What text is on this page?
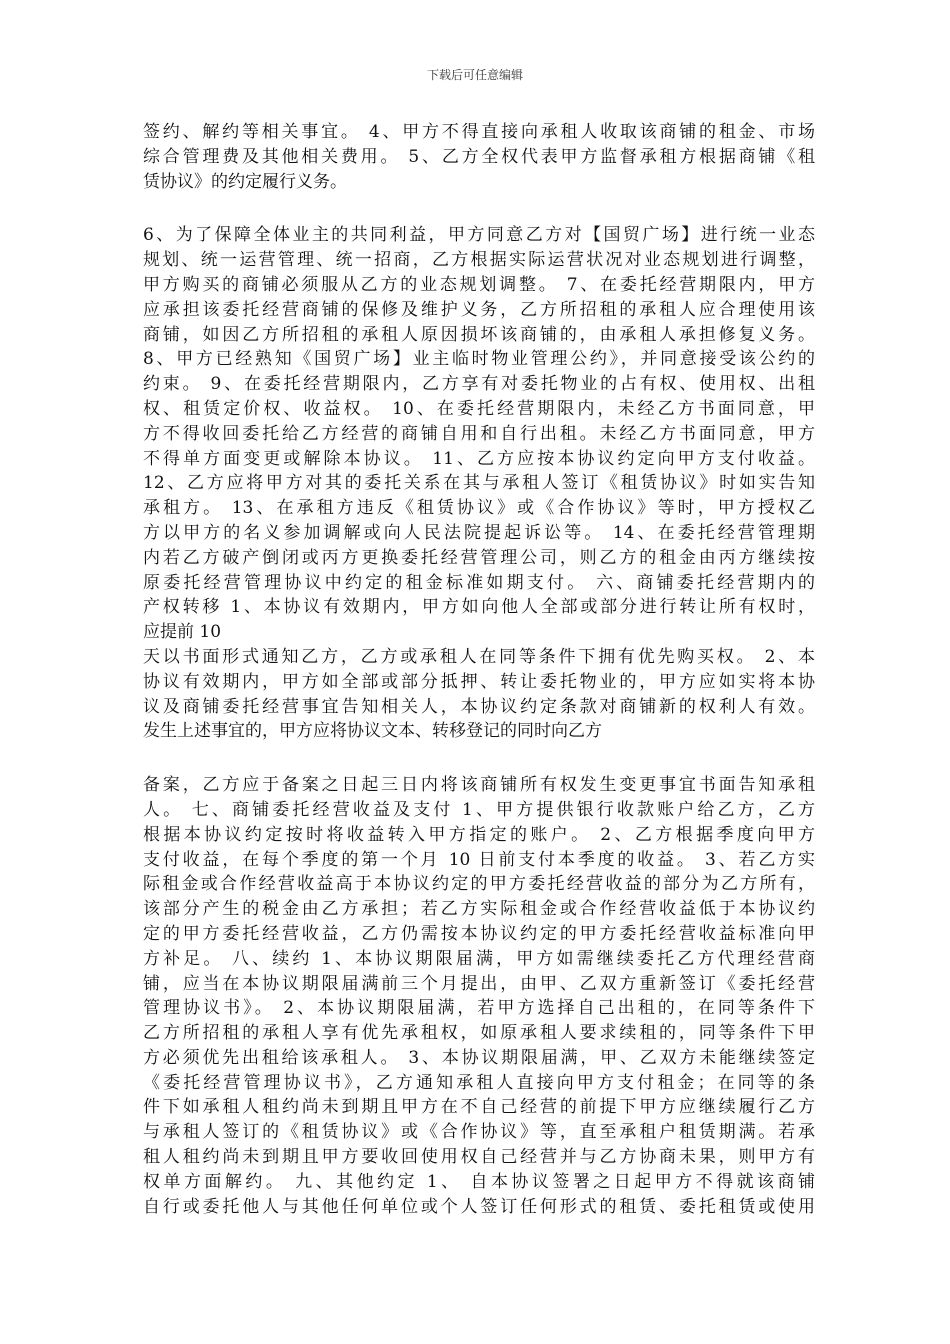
下载后可任意编辑
签约、解约等相关事宜。 4、甲方不得直接向承租人收取该商铺的租金、市场
综合管理费及其他相关费用。 5、乙方全权代表甲方监督承租方根据商铺《租
赁协议》的约定履行义务。
6、为了保障全体业主的共同利益，甲方同意乙方对【国贸广场】进行统一业态
规划、统一运营管理、统一招商，乙方根据实际运营状况对业态规划进行调整，
甲方购买的商铺必须服从乙方的业态规划调整。 7、在委托经营期限内，甲方
应承担该委托经营商铺的保修及维护义务，乙方所招租的承租人应合理使用该
商铺，如因乙方所招租的承租人原因损坏该商铺的，由承租人承担修复义务。
8、甲方已经熟知《国贸广场】业主临时物业管理公约》，并同意接受该公约的
约束。 9、在委托经营期限内，乙方享有对委托物业的占有权、使用权、出租
权、租赁定价权、收益权。 10、在委托经营期限内，未经乙方书面同意，甲
方不得收回委托给乙方经营的商铺自用和自行出租。未经乙方书面同意，甲方
不得单方面变更或解除本协议。 11、乙方应按本协议约定向甲方支付收益。
12、乙方应将甲方对其的委托关系在其与承租人签订《租赁协议》时如实告知
承租方。 13、在承租方违反《租赁协议》或《合作协议》等时，甲方授权乙
方以甲方的名义参加调解或向人民法院提起诉讼等。 14、在委托经营管理期
内若乙方破产倒闭或丙方更换委托经营管理公司，则乙方的租金由丙方继续按
原委托经营管理协议中约定的租金标准如期支付。 六、商铺委托经营期内的
产权转移 1、本协议有效期内，甲方如向他人全部或部分进行转让所有权时，
应提前 10
天以书面形式通知乙方，乙方或承租人在同等条件下拥有优先购买权。 2、本
协议有效期内，甲方如全部或部分抵押、转让委托物业的，甲方应如实将本协
议及商铺委托经营事宜告知相关人，本协议约定条款对商铺新的权利人有效。
发生上述事宜的，甲方应将协议文本、转移登记的同时向乙方
备案，乙方应于备案之日起三日内将该商铺所有权发生变更事宜书面告知承租
人。 七、商铺委托经营收益及支付 1、甲方提供银行收款账户给乙方，乙方
根据本协议约定按时将收益转入甲方指定的账户。 2、乙方根据季度向甲方
支付收益，在每个季度的第一个月 10 日前支付本季度的收益。 3、若乙方实
际租金或合作经营收益高于本协议约定的甲方委托经营收益的部分为乙方所有，
该部分产生的税金由乙方承担；若乙方实际租金或合作经营收益低于本协议约
定的甲方委托经营收益，乙方仍需按本协议约定的甲方委托经营收益标准向甲
方补足。 八、续约 1、本协议期限届满，甲方如需继续委托乙方代理经营商
铺，应当在本协议期限届满前三个月提出，由甲、乙双方重新签订《委托经营
管理协议书》。 2、本协议期限届满，若甲方选择自己出租的，在同等条件下
乙方所招租的承租人享有优先承租权，如原承租人要求续租的，同等条件下甲
方必须优先出租给该承租人。 3、本协议期限届满，甲、乙双方未能继续签定
《委托经营管理协议书》，乙方通知承租人直接向甲方支付租金；在同等的条
件下如承租人租约尚未到期且甲方在不自己经营的前提下甲方应继续履行乙方
与承租人签订的《租赁协议》或《合作协议》等，直至承租户租赁期满。若承
租人租约尚未到期且甲方要收回使用权自己经营并与乙方协商未果，则甲方有
权单方面解约。 九、其他约定 1、 自本协议签署之日起甲方不得就该商铺
自行或委托他人与其他任何单位或个人签订任何形式的租赁、委托租赁或使用
